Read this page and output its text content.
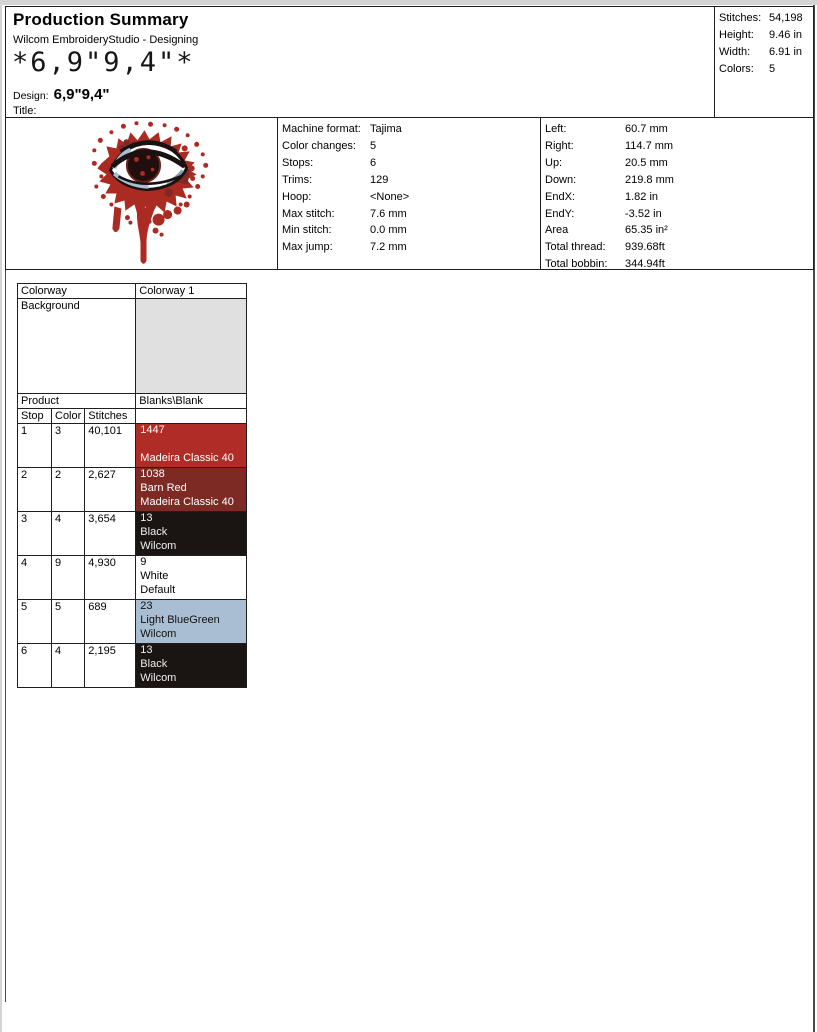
Production Summary
Wilcom EmbroideryStudio - Designing
*6,9"9,4"*
Design: 6,9"9,4"
Title:
Stitches: 54,198
Height:	9.46 in
Width:	6.91 in
Colors:	5
Machine format: Tajima
Color changes:	5
Stops:	6
Trims:	129
Hoop:	<None>
Max stitch:	7.6 mm
Min stitch:	0.0 mm
Max jump:	7.2 mm
Left:	60.7 mm
Right:	114.7 mm
Up:	20.5 mm
Down:	219.8 mm
EndX:	1.82 in
EndY:	-3.52 in
Area	65.35 in²
Total thread:	939.68ft
Total bobbin:	344.94ft
Colorway			Colorway 1
Background			
Product			Blanks\Blank
Stop	Color	Stitches	
1	3	40,101	1447
Madeira Classic 40

2	2	2,627	1038
Barn Red
Madeira Classic 40

3	4	3,654	13
Black
Wilcom

4	9	4,930	9
White
Default

5	5	689	23
Light BlueGreen
Wilcom

6	4	2,195	13
Black
Wilcom
